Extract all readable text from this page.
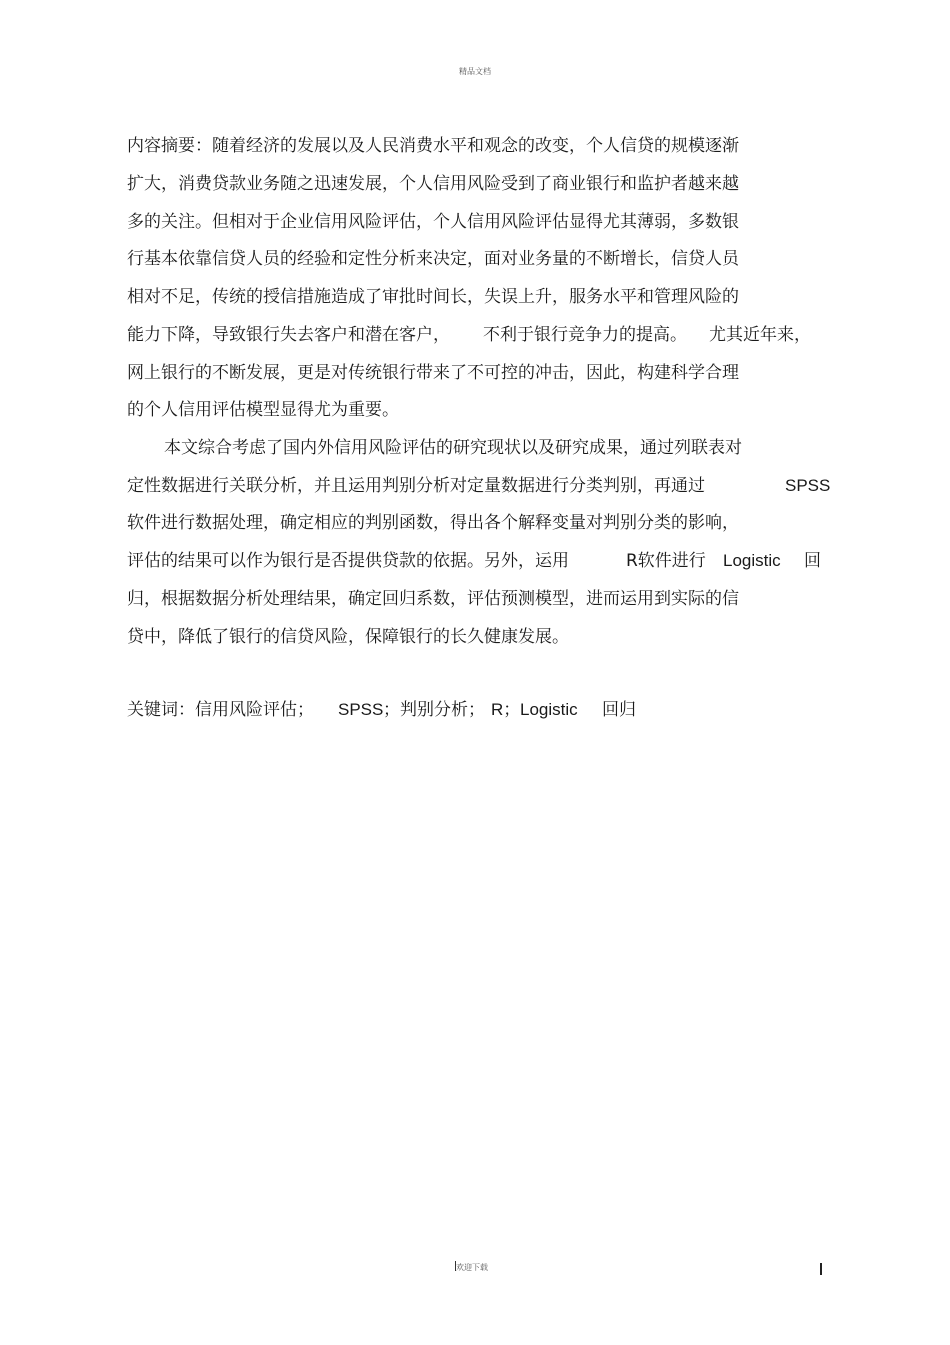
精品文档
内容摘要：随着经济的发展以及人民消费水平和观念的改变，个人信贷的规模逐渐
扩大，消费贷款业务随之迅速发展，个人信用风险受到了商业银行和监护者越来越
多的关注。但相对于企业信用风险评估，个人信用风险评估显得尤其薄弱，多数银
行基本依靠信贷人员的经验和定性分析来决定，面对业务量的不断增长，信贷人员
相对不足，传统的授信措施造成了审批时间长，失误上升，服务水平和管理风险的
能力下降，导致银行失去客户和潜在客户， 不利于银行竞争力的提高。 尤其近年来，
网上银行的不断发展，更是对传统银行带来了不可控的冲击，因此，构建科学合理
的个人信用评估模型显得尤为重要。
本文综合考虑了国内外信用风险评估的研究现状以及研究成果，通过列联表对
定性数据进行关联分析，并且运用判别分析对定量数据进行分类判别，再通过	SPSS
软件进行数据处理，确定相应的判别函数，得出各个解释变量对判别分类的影响，
评估的结果可以作为银行是否提供贷款的依据。另外，运用	R软件进行 Logistic 回
归，根据数据分析处理结果，确定回归系数，评估预测模型，进而运用到实际的信
贷中，降低了银行的信贷风险，保障银行的长久健康发展。
关键词：信用风险评估； SPSS ；判别分析； R； Logistic 回归
欢迎下载
